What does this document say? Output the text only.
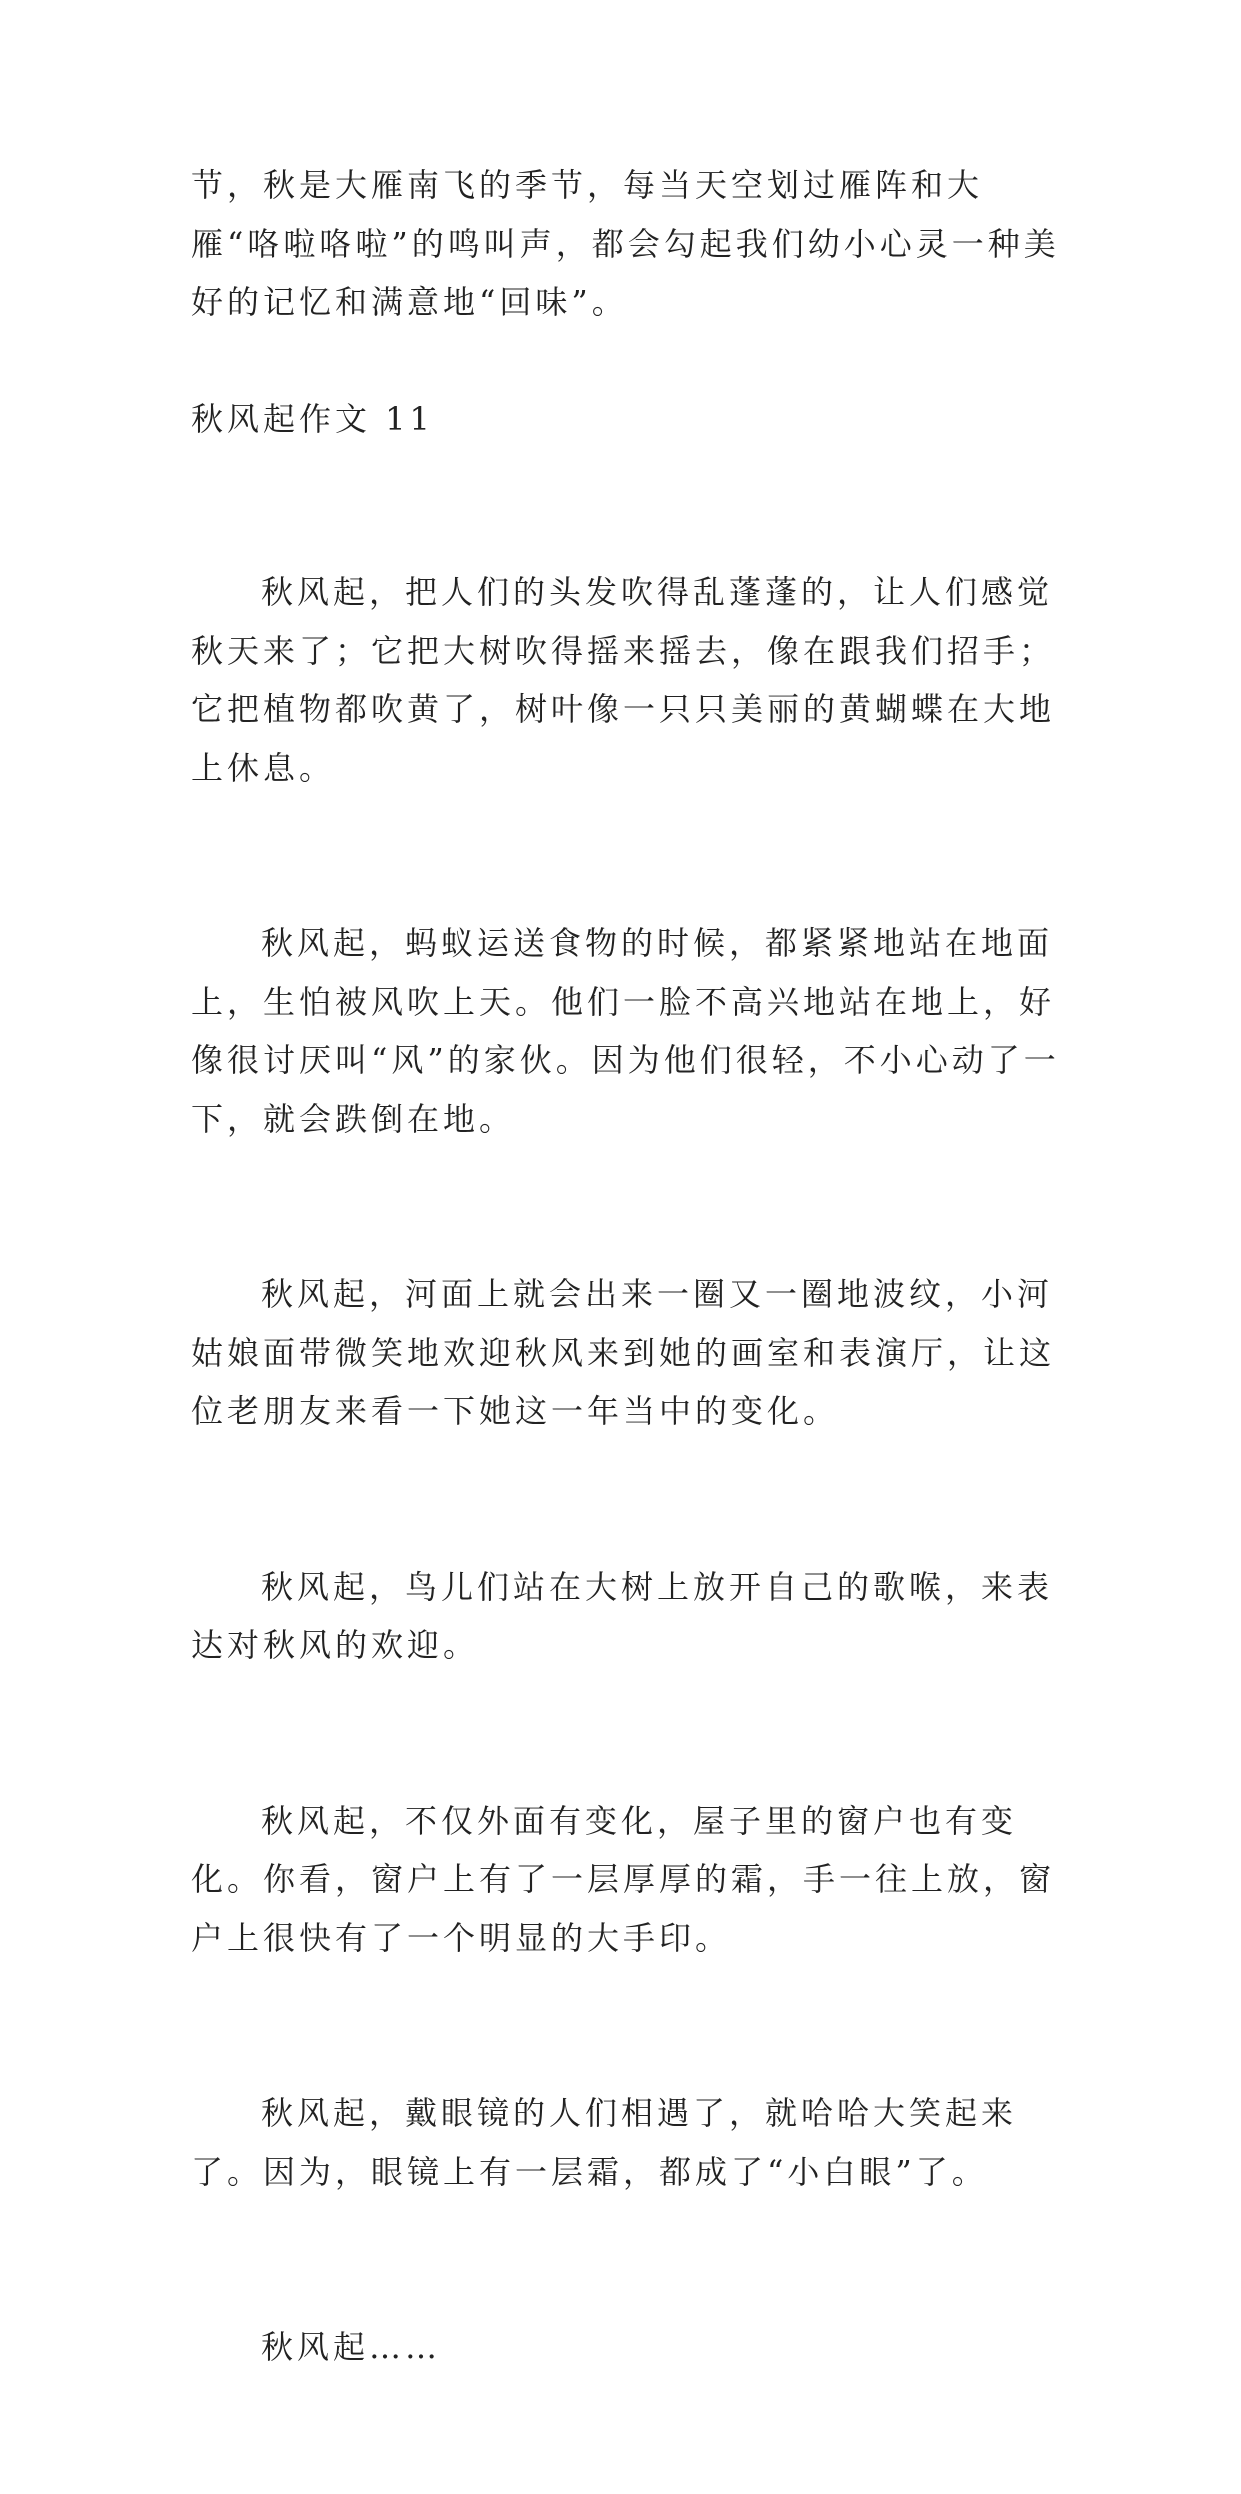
节，秋是大雁南飞的季节，每当天空划过雁阵和大雁“咯啦咯啦”的鸣叫声，都会勾起我们幼小心灵一种美好的记忆和满意地“回味”。

秋风起作文 11

秋风起，把人们的头发吹得乱蓬蓬的，让人们感觉秋天来了；它把大树吹得摇来摇去，像在跟我们招手；它把植物都吹黄了，树叶像一只只美丽的黄蝴蝶在大地上休息。

秋风起，蚂蚁运送食物的时候，都紧紧地站在地面上，生怕被风吹上天。他们一脸不高兴地站在地上，好像很讨厌叫“风”的家伙。因为他们很轻，不小心动了一下，就会跌倒在地。

秋风起，河面上就会出来一圈又一圈地波纹，小河姑娘面带微笑地欢迎秋风来到她的画室和表演厅，让这位老朋友来看一下她这一年当中的变化。

秋风起，鸟儿们站在大树上放开自己的歌喉，来表达对秋风的欢迎。

秋风起，不仅外面有变化，屋子里的窗户也有变化。你看，窗户上有了一层厚厚的霜，手一往上放，窗户上很快有了一个明显的大手印。

秋风起，戴眼镜的人们相遇了，就哈哈大笑起来了。因为，眼镜上有一层霜，都成了“小白眼”了。

秋风起……
